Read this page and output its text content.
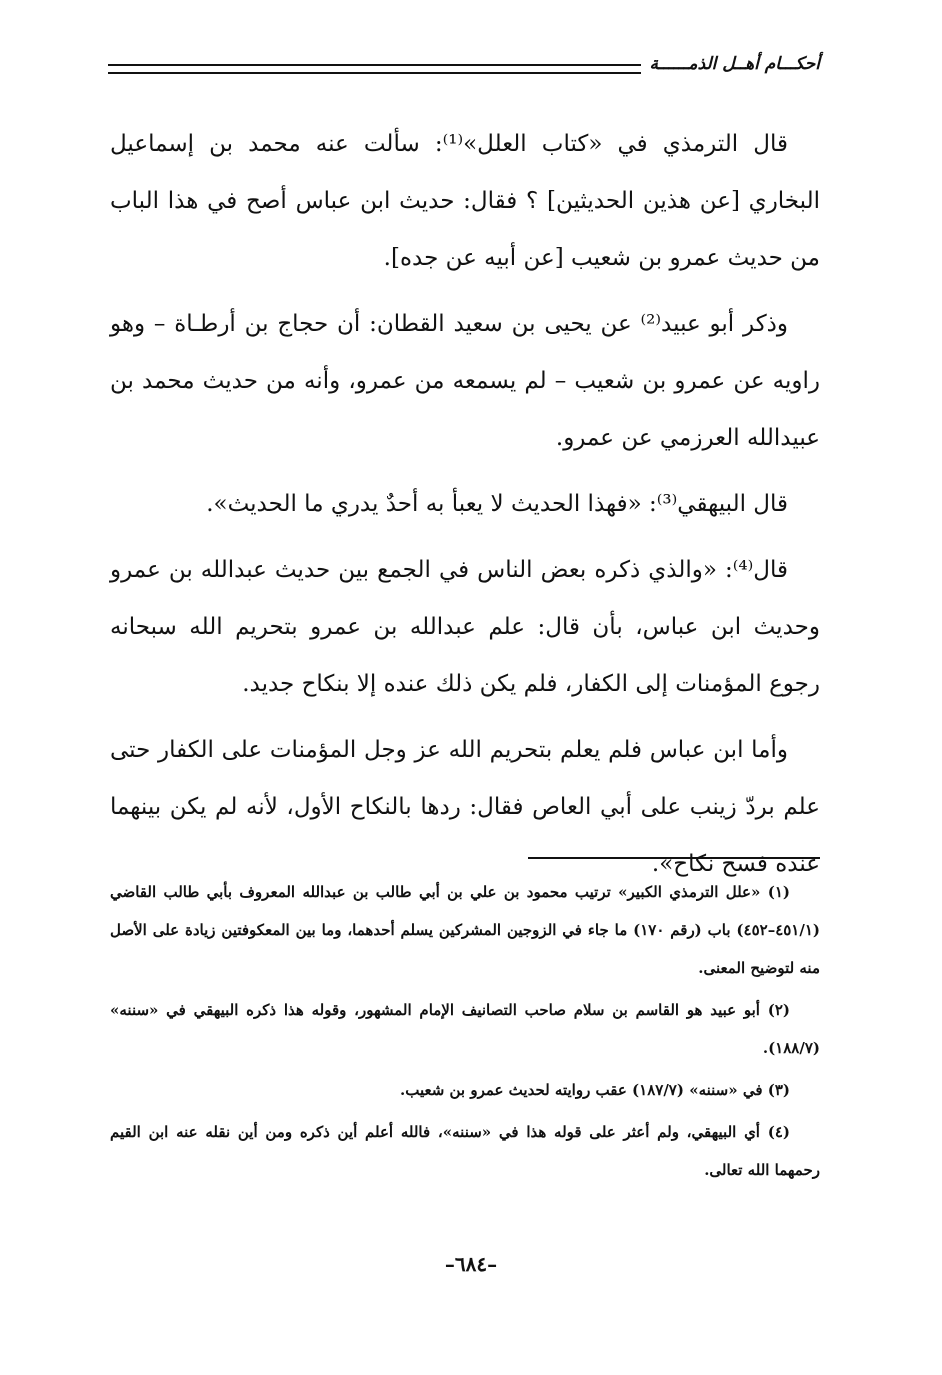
أحكـــام أهــل الذمــــــة

قال الترمذي في «كتاب العلل»⁽¹⁾: سألت عنه محمد بن إسماعيل البخاري [عن هذين الحديثين] ؟ فقال: حديث ابن عباس أصح في هذا الباب من حديث عمرو بن شعيب [عن أبيه عن جده].

وذكر أبو عبيد⁽²⁾ عن يحيى بن سعيد القطان: أن حجاج بن أرطـاة – وهو راويه عن عمرو بن شعيب – لم يسمعه من عمرو، وأنه من حديث محمد بن عبيدالله العرزمي عن عمرو.

قال البيهقي⁽³⁾: «فهذا الحديث لا يعبأ به أحدٌ يدري ما الحديث».

قال⁽⁴⁾: «والذي ذكره بعض الناس في الجمع بين حديث عبدالله بن عمرو وحديث ابن عباس، بأن قال: علم عبدالله بن عمرو بتحريم الله سبحانه رجوع المؤمنات إلى الكفار، فلم يكن ذلك عنده إلا بنكاح جديد.

وأما ابن عباس فلم يعلم بتحريم الله عز وجل المؤمنات على الكفار حتى علم بردّ زينب على أبي العاص فقال: ردها بالنكاح الأول، لأنه لم يكن بينهما عنده فسخ نكاح».

(١) «علل الترمذي الكبير» ترتيب محمود بن علي بن أبي طالب بن عبدالله المعروف بأبي طالب القاضي (٤٥١/١–٤٥٢) باب (رقم ١٧٠) ما جاء في الزوجين المشركين يسلم أحدهما، وما بين المعكوفتين زيادة على الأصل منه لتوضيح المعنى.

(٢) أبو عبيد هو القاسم بن سلام صاحب التصانيف الإمام المشهور، وقوله هذا ذكره البيهقي في «سننه» (١٨٨/٧).

(٣) في «سننه» (١٨٧/٧) عقب روايته لحديث عمرو بن شعيب.

(٤) أي البيهقي، ولم أعثر على قوله هذا في «سننه»، فالله أعلم أين ذكره ومن أين نقله عنه ابن القيم رحمهما الله تعالى.

–٦٨٤–
